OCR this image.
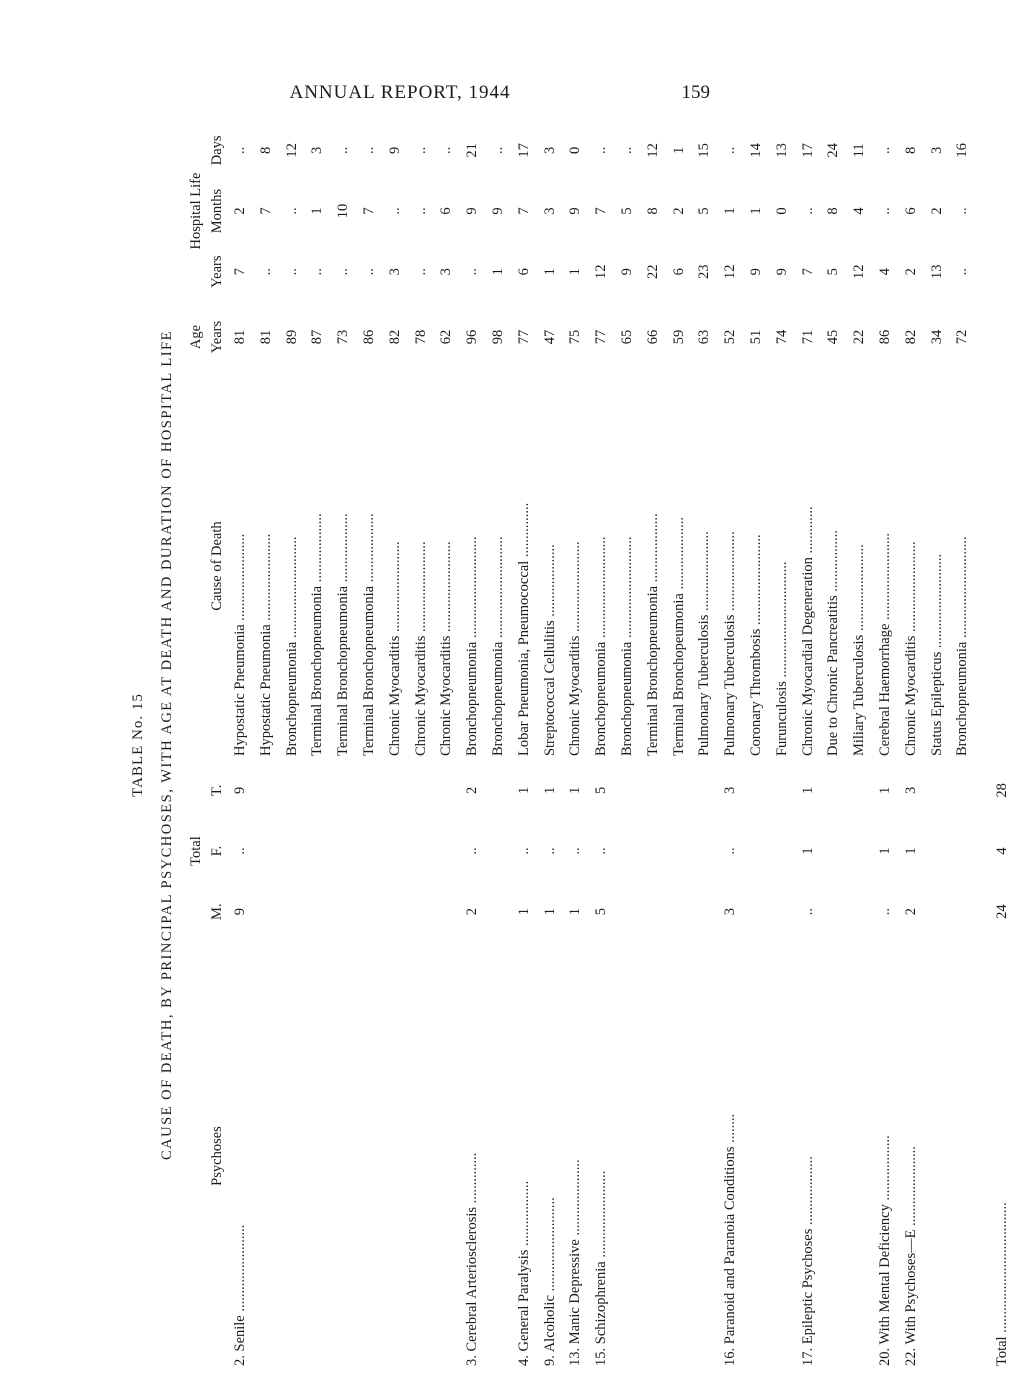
ANNUAL REPORT, 1944	159

TABLE No. 15 CAUSE OF DEATH, BY PRINCIPAL PSYCHOSES, WITH AGE AT DEATH AND DURATION OF HOSPITAL LIFE Psychoses	Total			Cause of Death	Age	Hospital Life		
	M.	F.	T.		Years	Years	Months	Days
2. Senile ........................	9	..	9	Hypostatic Pneumonia ........................	81	7	2	..
				Hypostatic Pneumonia ........................	81	..	7	8
				Bronchopneumonia ............................	89	..	..	12
				Terminal Bronchopneumonia ...................	87	..	1	3
				Terminal Bronchopneumonia ...................	73	..	10	..
				Terminal Bronchopneumonia ...................	86	..	7	..
				Chronic Myocarditis .........................	82	3	..	9
				Chronic Myocarditis .........................	78	..	..	..
				Chronic Myocarditis .........................	62	3	6	..
3. Cerebral Arteriosclerosis ..............	2	..	2	Bronchopneumonia ............................	96	..	9	21
				Bronchopneumonia ............................	98	1	9	..
4. General Paralysis ..................	1	..	1	Lobar Pneumonia, Pneumococcal ...............	77	6	7	17
9. Alcoholic ..........................	1	..	1	Streptococcal Cellulitis ....................	47	1	3	3
13. Manic Depressive .....................	1	..	1	Chronic Myocarditis .........................	75	1	9	0
15. Schizophrenia ........................	5	..	5	Bronchopneumonia ............................	77	12	7	..
				Bronchopneumonia ............................	65	9	5	..
				Terminal Bronchopneumonia ...................	66	22	8	12
				Terminal Bronchopeumonia ....................	59	6	2	1
				Pulmonary Tuberculosis ......................	63	23	5	15
16. Paranoid and Paranoia Conditions ........	3	..	3	Pulmonary Tuberculosis ......................	52	12	1	..
				Coronary Thrombosis .........................	51	9	1	14
				Furunculosis ................................	74	9	0	13
17. Epileptic Psychoses ...................	..	1	1	Chronic Myocardial Degeneration .............	71	7	..	17
				Due to Chronic Pancreatitis .................	45	5	8	24
				Miliary Tuberculosis ........................	22	12	4	11
20. With Mental Deficiency ..................	..	1	1	Cerebral Haemorrhage ........................	86	4	..	..
22. With Psychoses—E ......................	2	1	3	Chronic Myocarditis .........................	82	2	6	8
				Status Epilepticus ..........................	34	13	2	3
				Bronchopneumonia ............................	72	..	..	16
Total ....................................	24	4	28					
